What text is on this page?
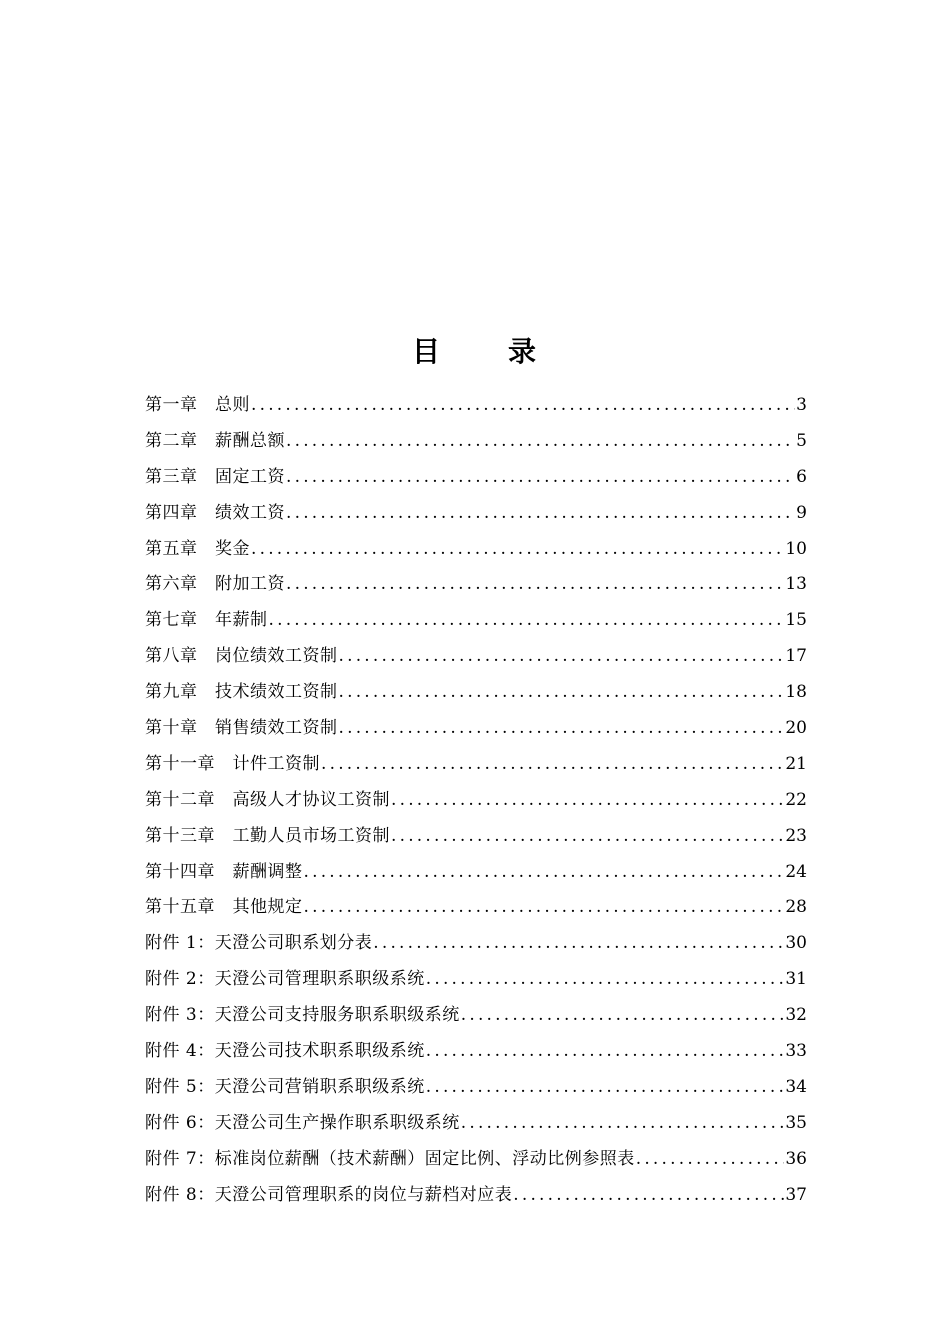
目 录
第一章　总则 .....	3
第二章　薪酬总额 .....	5
第三章　固定工资 .....	6
第四章　绩效工资 .....	9
第五章　奖金 .....	10
第六章　附加工资 .....	13
第七章　年薪制 .....	15
第八章　岗位绩效工资制 .....	17
第九章　技术绩效工资制 .....	18
第十章　销售绩效工资制 .....	20
第十一章　计件工资制 .....	21
第十二章　高级人才协议工资制 .....	22
第十三章　工勤人员市场工资制 .....	23
第十四章　薪酬调整 .....	24
第十五章　其他规定 .....	28
附件 1：天澄公司职系划分表 .....	30
附件 2：天澄公司管理职系职级系统 .....	31
附件 3：天澄公司支持服务职系职级系统 .....	32
附件 4：天澄公司技术职系职级系统 .....	33
附件 5：天澄公司营销职系职级系统 .....	34
附件 6：天澄公司生产操作职系职级系统 .....	35
附件 7：标准岗位薪酬（技术薪酬）固定比例、浮动比例参照表 .....	36
附件 8：天澄公司管理职系的岗位与薪档对应表 .....	37
